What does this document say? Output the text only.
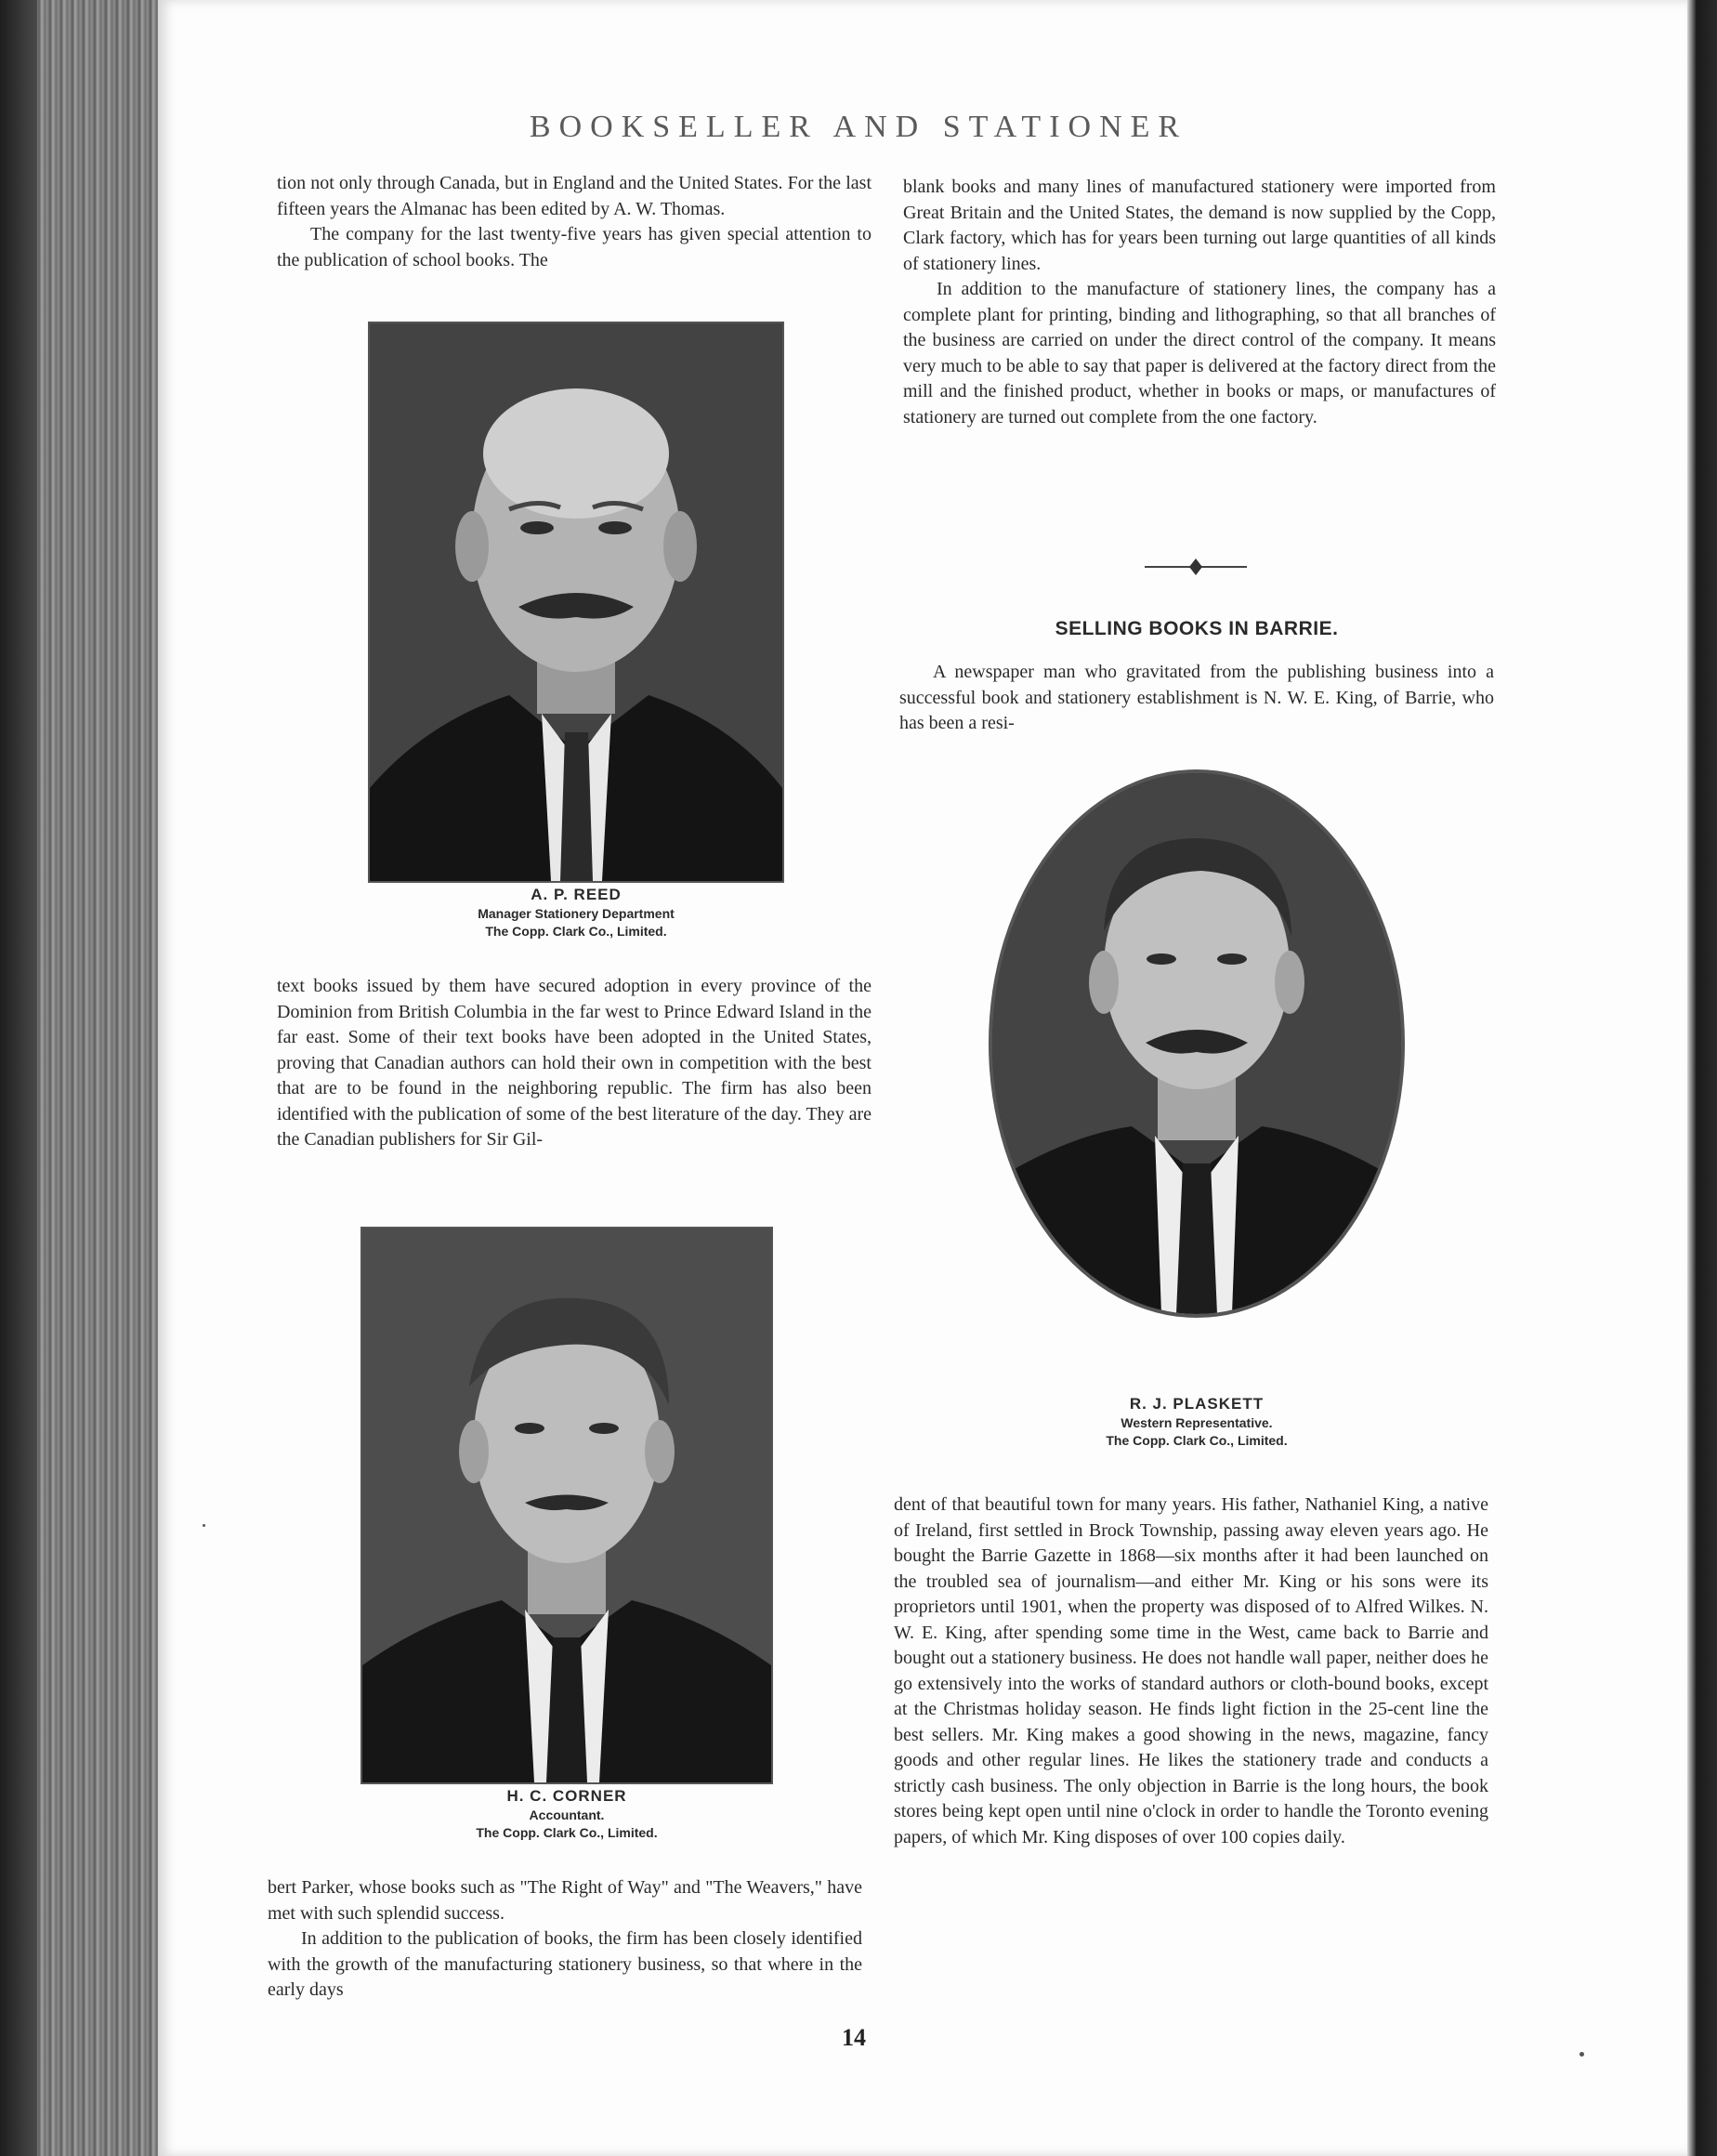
BOOKSELLER AND STATIONER

tion not only through Canada, but in England and the United States. For the last fifteen years the Almanac has been edited by A. W. Thomas.

The company for the last twenty-five years has given special attention to the publication of school books. The

A. P. REED
Manager Stationery Department
The Copp. Clark Co., Limited.

text books issued by them have secured adoption in every province of the Dominion from British Columbia in the far west to Prince Edward Island in the far east. Some of their text books have been adopted in the United States, proving that Canadian authors can hold their own in competition with the best that are to be found in the neighboring republic. The firm has also been identified with the publication of some of the best literature of the day. They are the Canadian publishers for Sir Gil-

H. C. CORNER
Accountant.
The Copp. Clark Co., Limited.

bert Parker, whose books such as "The Right of Way" and "The Weavers," have met with such splendid success.

In addition to the publication of books, the firm has been closely identified with the growth of the manufacturing stationery business, so that where in the early days

blank books and many lines of manufactured stationery were imported from Great Britain and the United States, the demand is now supplied by the Copp, Clark factory, which has for years been turning out large quantities of all kinds of stationery lines.

In addition to the manufacture of stationery lines, the company has a complete plant for printing, binding and lithographing, so that all branches of the business are carried on under the direct control of the company. It means very much to be able to say that paper is delivered at the factory direct from the mill and the finished product, whether in books or maps, or manufactures of stationery are turned out complete from the one factory.

SELLING BOOKS IN BARRIE.

A newspaper man who gravitated from the publishing business into a successful book and stationery establishment is N. W. E. King, of Barrie, who has been a resi-

R. J. PLASKETT
Western Representative.
The Copp. Clark Co., Limited.

dent of that beautiful town for many years. His father, Nathaniel King, a native of Ireland, first settled in Brock Township, passing away eleven years ago. He bought the Barrie Gazette in 1868—six months after it had been launched on the troubled sea of journalism—and either Mr. King or his sons were its proprietors until 1901, when the property was disposed of to Alfred Wilkes. N. W. E. King, after spending some time in the West, came back to Barrie and bought out a stationery business. He does not handle wall paper, neither does he go extensively into the works of standard authors or cloth-bound books, except at the Christmas holiday season. He finds light fiction in the 25-cent line the best sellers. Mr. King makes a good showing in the news, magazine, fancy goods and other regular lines. He likes the stationery trade and conducts a strictly cash business. The only objection in Barrie is the long hours, the book stores being kept open until nine o'clock in order to handle the Toronto evening papers, of which Mr. King disposes of over 100 copies daily.

14
